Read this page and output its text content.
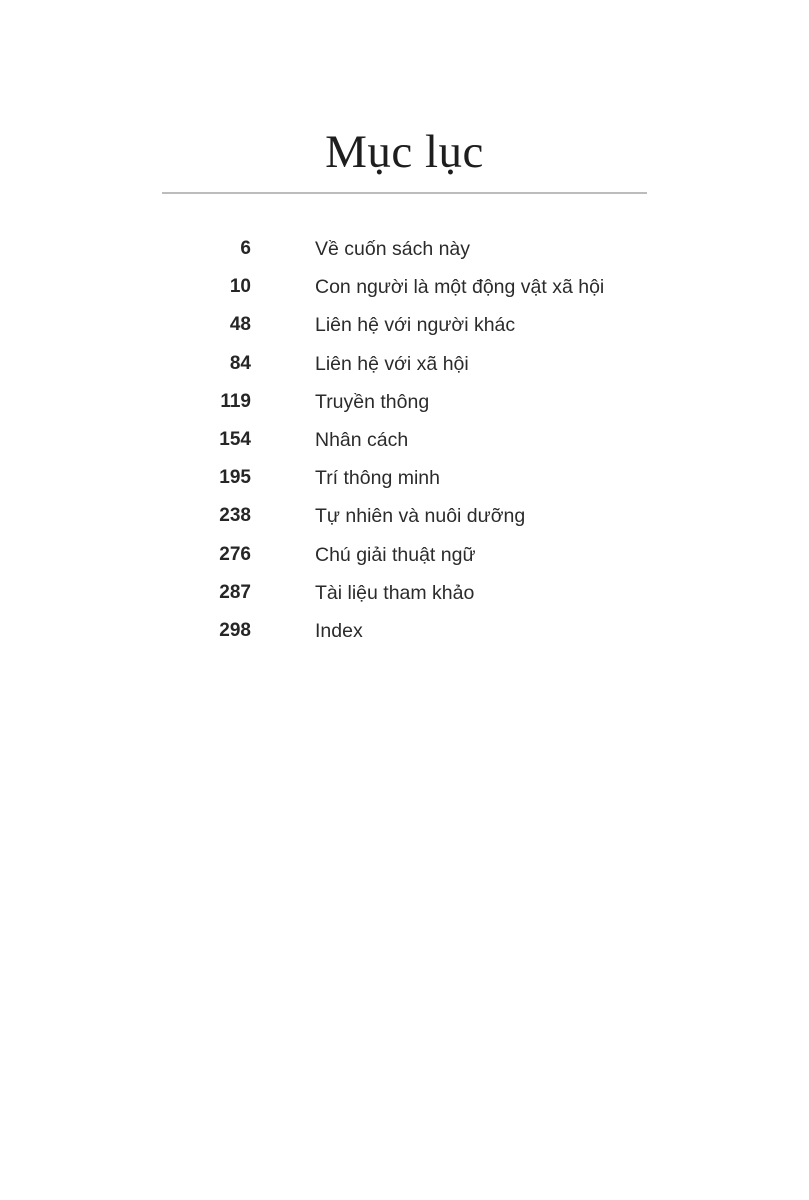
Mục lục
6	Về cuốn sách này
10	Con người là một động vật xã hội
48	Liên hệ với người khác
84	Liên hệ với xã hội
119	Truyền thông
154	Nhân cách
195	Trí thông minh
238	Tự nhiên và nuôi dưỡng
276	Chú giải thuật ngữ
287	Tài liệu tham khảo
298	Index
